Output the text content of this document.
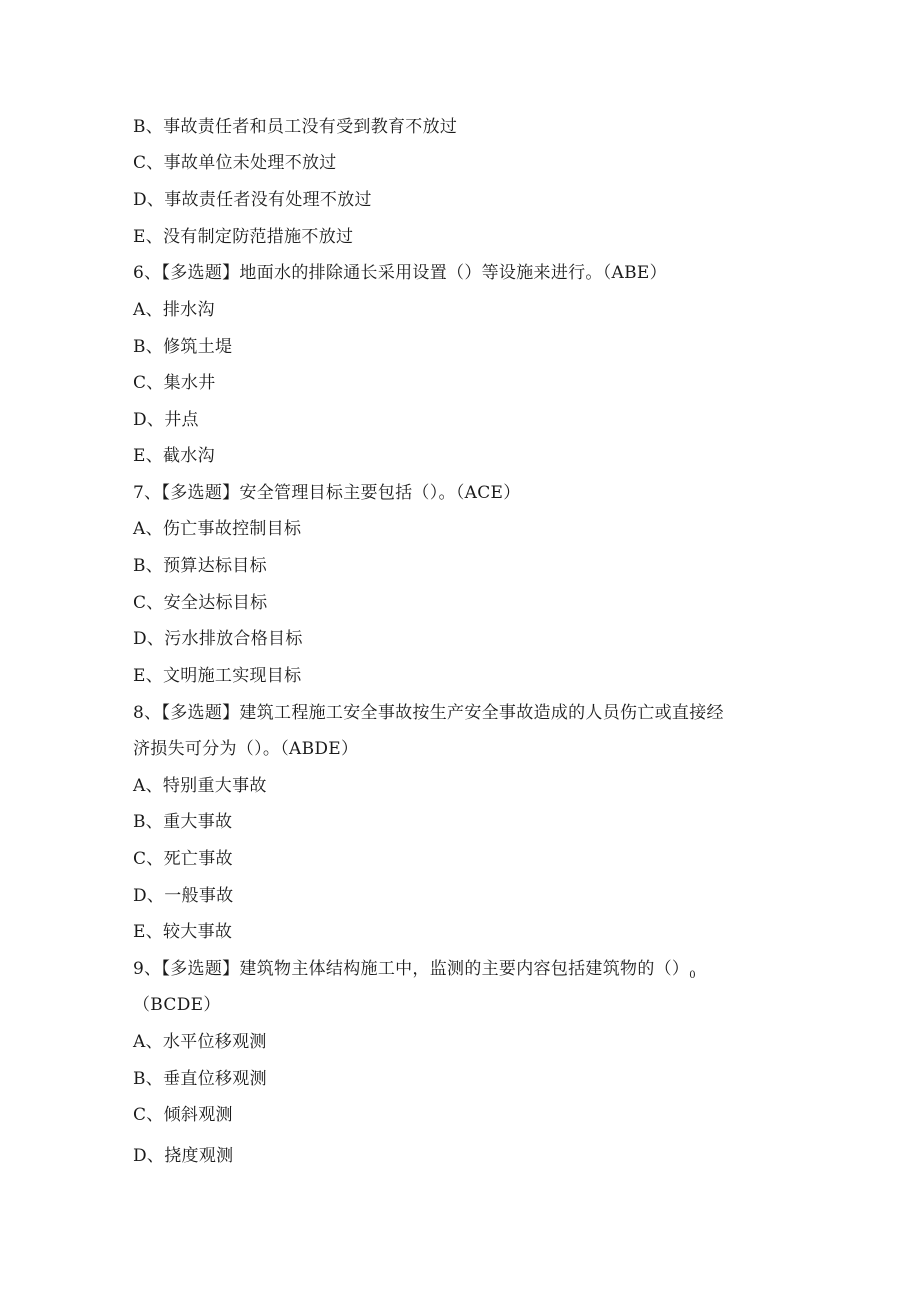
B、事故责任者和员工没有受到教育不放过
C、事故单位未处理不放过
D、事故责任者没有处理不放过
E、没有制定防范措施不放过
6、【多选题】地面水的排除通长采用设置（）等设施来进行。（ABE）
A、排水沟
B、修筑土堤
C、集水井
D、井点
E、截水沟
7、【多选题】安全管理目标主要包括（）。（ACE）
A、伤亡事故控制目标
B、预算达标目标
C、安全达标目标
D、污水排放合格目标
E、文明施工实现目标
8、【多选题】建筑工程施工安全事故按生产安全事故造成的人员伤亡或直接经
济损失可分为（）。（ABDE）
A、特别重大事故
B、重大事故
C、死亡事故
D、一般事故
E、较大事故
9、【多选题】建筑物主体结构施工中，监测的主要内容包括建筑物的$()_0$
（BCDE）
A、水平位移观测
B、垂直位移观测
C、倾斜观测
D、挠度观测
